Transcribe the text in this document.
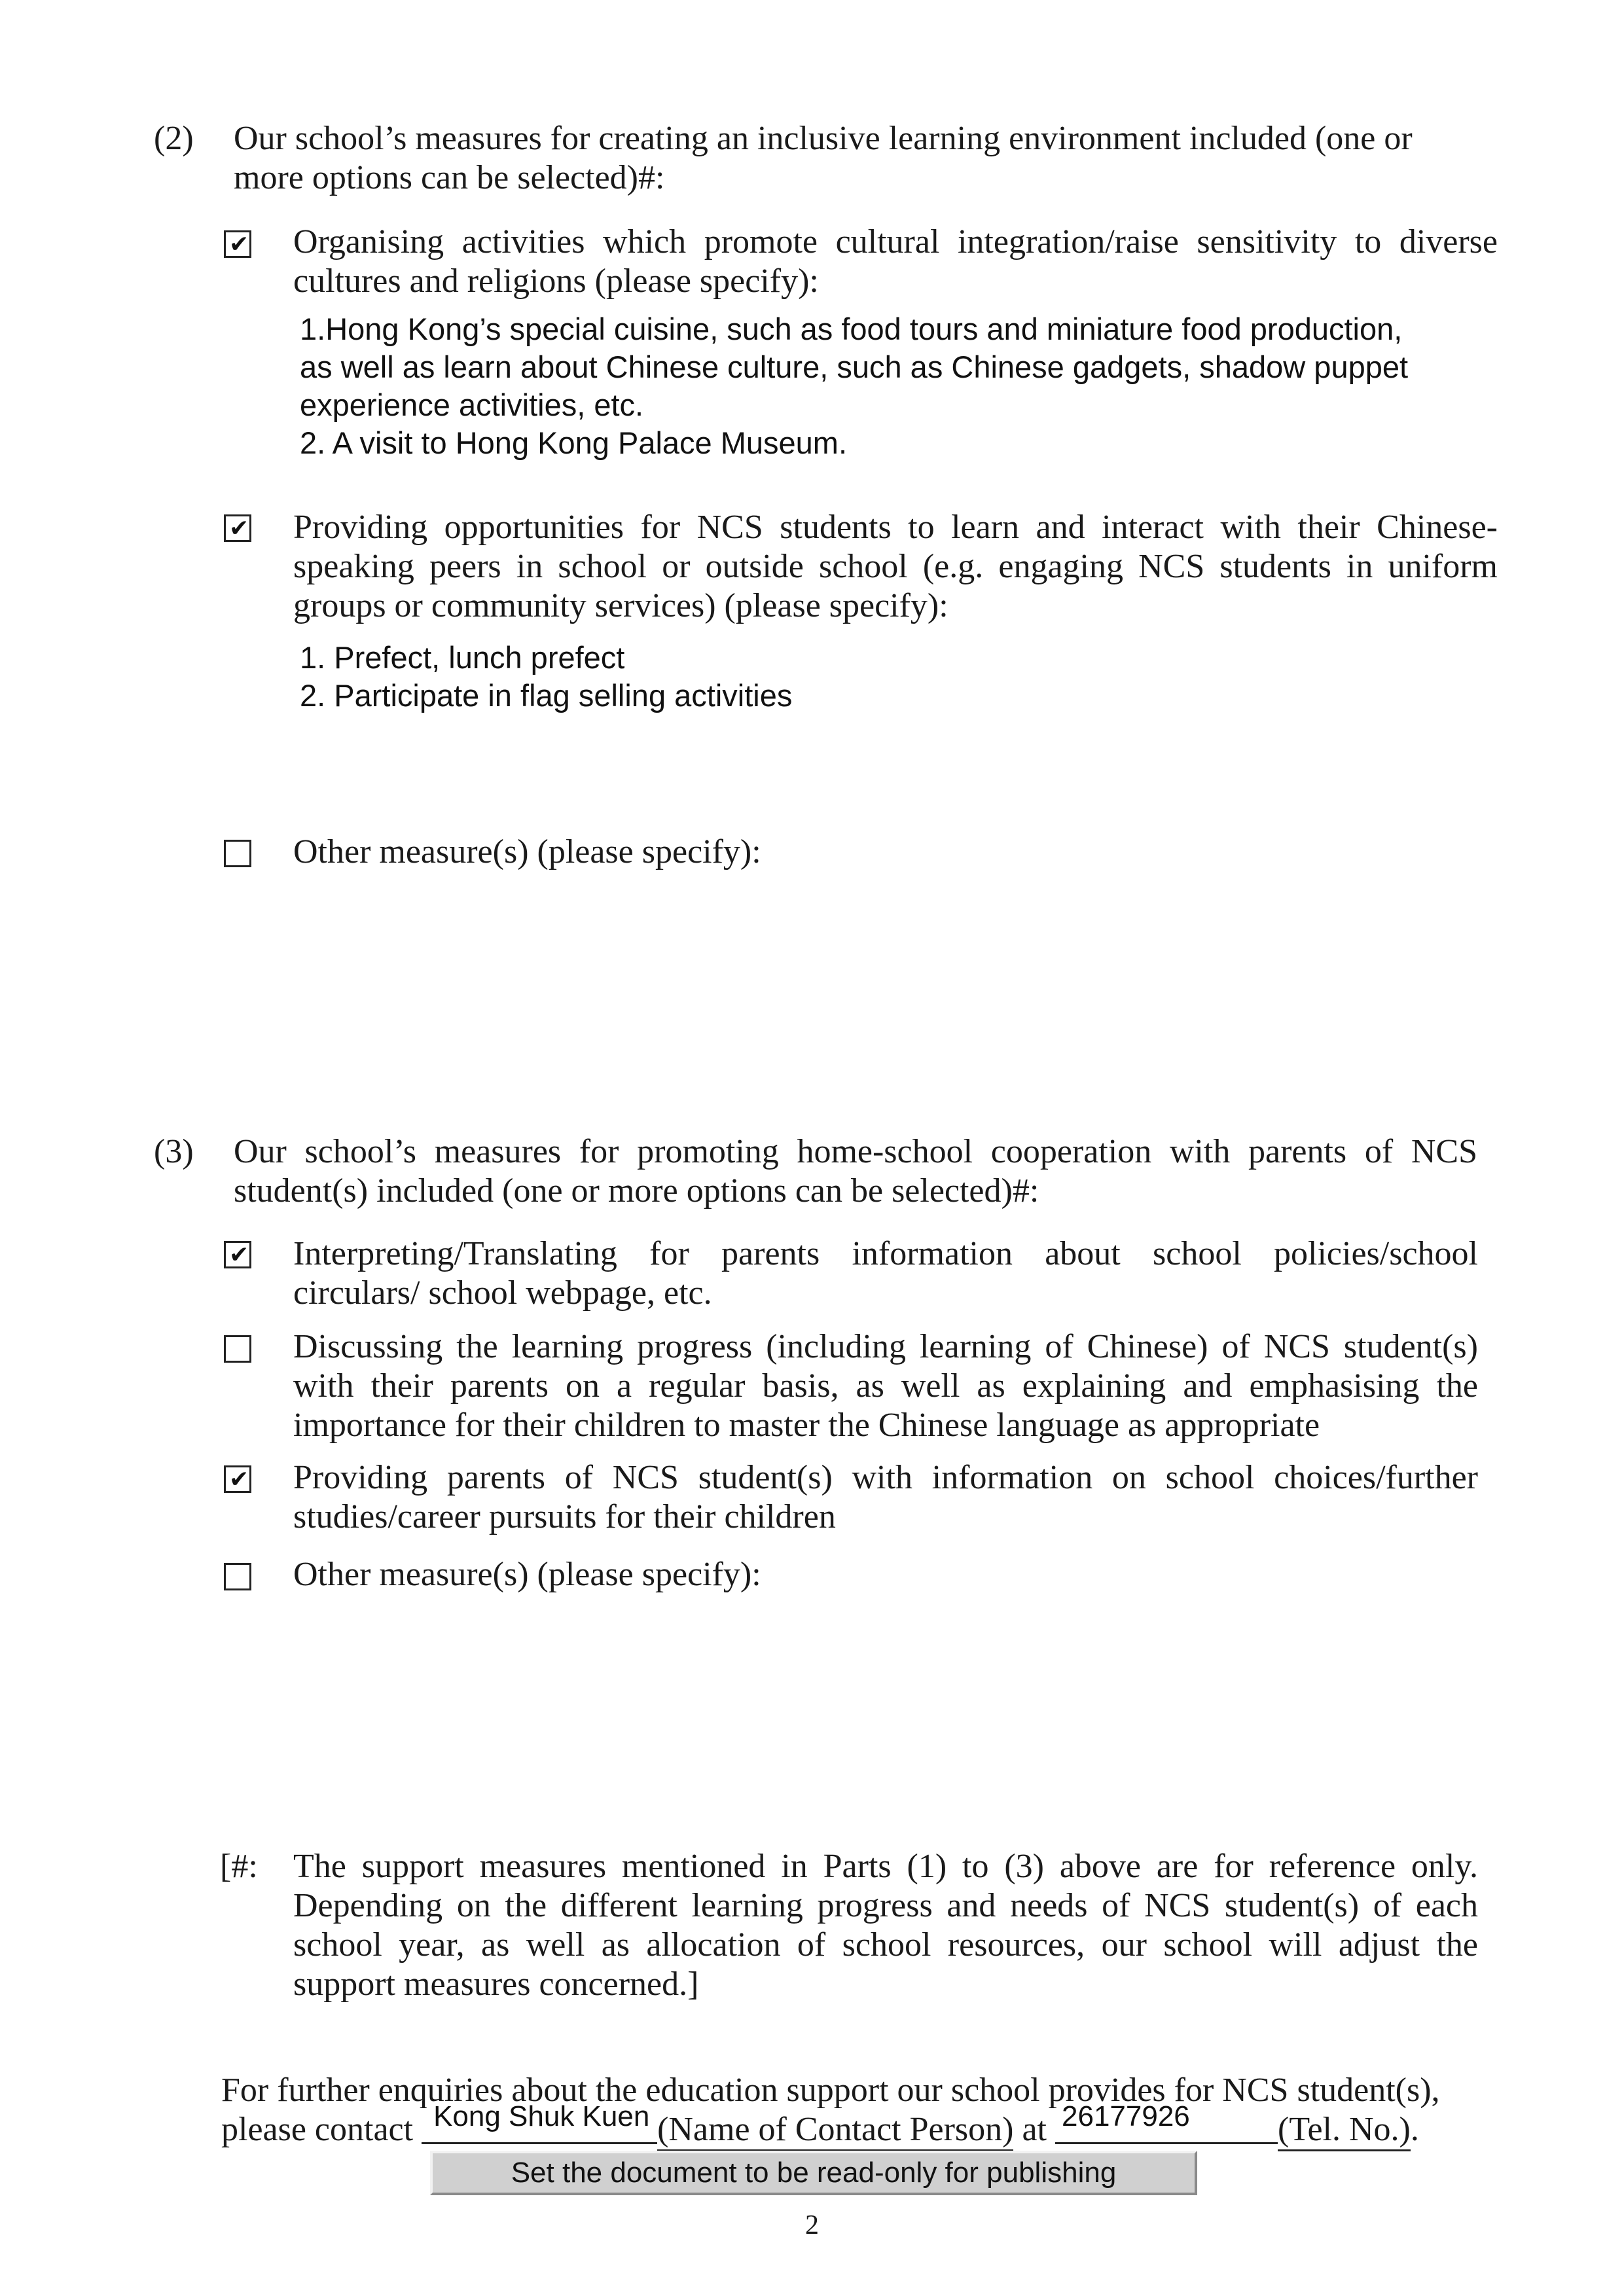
(2) Our school’s measures for creating an inclusive learning environment included (one or
more options can be selected)#:
✔ Organising activities which promote cultural integration/raise sensitivity to diverse
cultures and religions (please specify):
1.Hong Kong’s special cuisine, such as food tours and miniature food production,
as well as learn about Chinese culture, such as Chinese gadgets, shadow puppet
experience activities, etc.
2. A visit to Hong Kong Palace Museum.
✔ Providing opportunities for NCS students to learn and interact with their Chinese-
speaking peers in school or outside school (e.g. engaging NCS students in uniform
groups or community services) (please specify):
1. Prefect, lunch prefect
2. Participate in flag selling activities
Other measure(s) (please specify):
(3) Our school’s measures for promoting home-school cooperation with parents of NCS
student(s) included (one or more options can be selected)#:
✔ Interpreting/Translating for parents information about school policies/school
circulars/ school webpage, etc.
Discussing the learning progress (including learning of Chinese) of NCS student(s)
with their parents on a regular basis, as well as explaining and emphasising the
importance for their children to master the Chinese language as appropriate
✔ Providing parents of NCS student(s) with information on school choices/further
studies/career pursuits for their children
Other measure(s) (please specify):
[#: The support measures mentioned in Parts (1) to (3) above are for reference only.
Depending on the different learning progress and needs of NCS student(s) of each
school year, as well as allocation of school resources, our school will adjust the
support measures concerned.]
For further enquiries about the education support our school provides for NCS student(s),
please contact Kong Shuk Kuen (Name of Contact Person) at 26177926	(Tel. No.).
Set the document to be read-only for publishing
2
